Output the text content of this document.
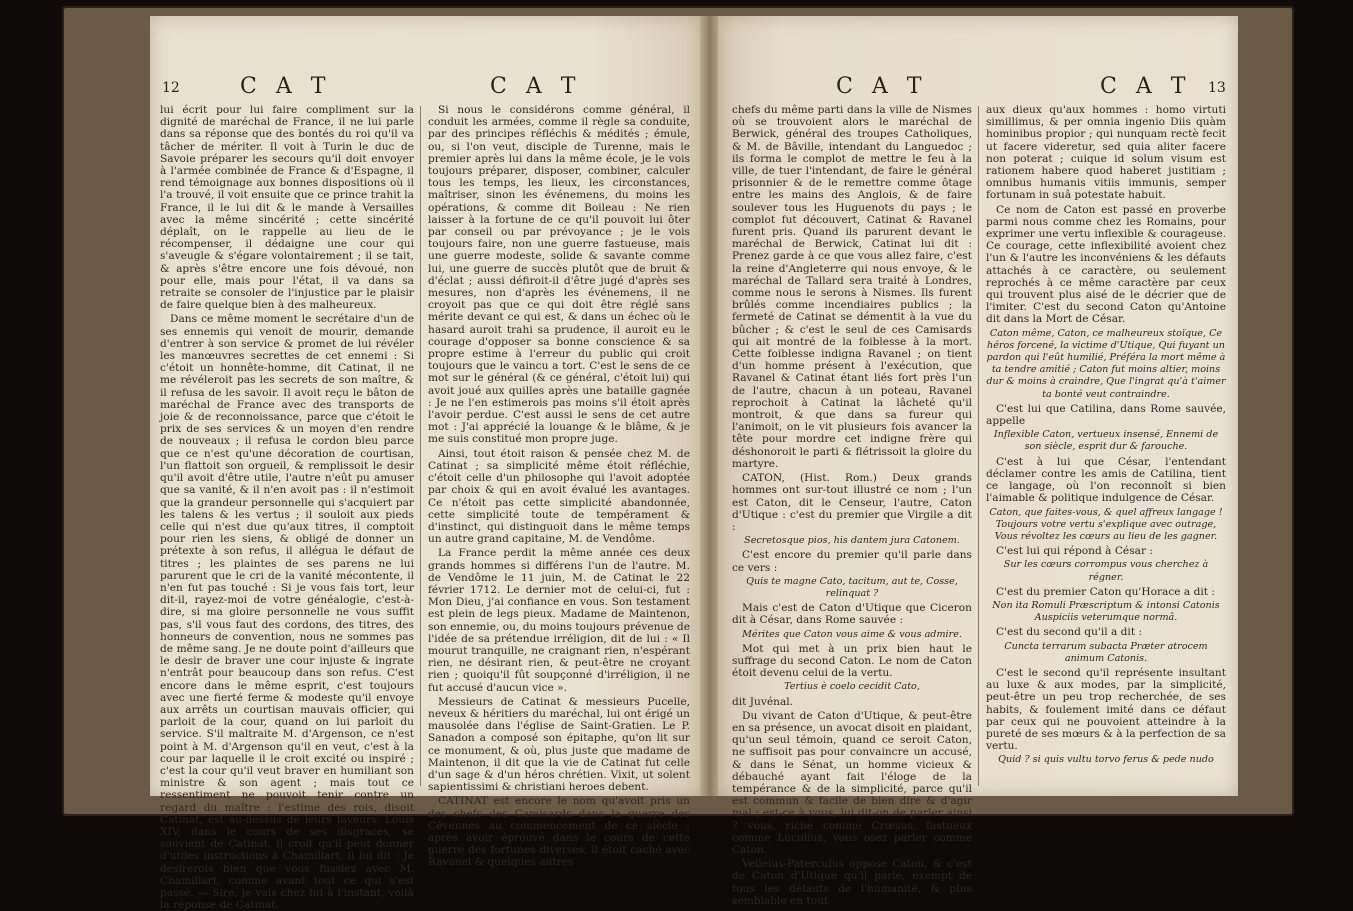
12	C A T	C A T

lui écrit pour lui faire compliment sur la dignité de maréchal de France, il ne lui parle dans sa réponse que des bontés du roi qu'il va tâcher de mériter. Il voit à Turin le duc de Savoie préparer les secours qu'il doit envoyer à l'armée combinée de France & d'Espagne, il rend témoignage aux bonnes dispositions où il l'a trouvé, il voit ensuite que ce prince trahit la France, il le lui dit & le mande à Versailles avec la même sincérité ; cette sincérité déplaît, on le rappelle au lieu de le récompenser, il dédaigne une cour qui s'aveugle & s'égare volontairement ; il se tait, & après s'être encore une fois dévoué, non pour elle, mais pour l'état, il va dans sa retraite se consoler de l'injustice par le plaisir de faire quelque bien à des malheureux.

Dans ce même moment le secrétaire d'un de ses ennemis qui venoit de mourir, demande d'entrer à son service & promet de lui révéler les manœuvres secrettes de cet ennemi : Si c'étoit un honnête-homme, dit Catinat, il ne me révéleroit pas les secrets de son maître, & il refusa de les savoir. Il avoit reçu le bâton de maréchal de France avec des transports de joie & de reconnoissance, parce que c'étoit le prix de ses services & un moyen d'en rendre de nouveaux ; il refusa le cordon bleu parce que ce n'est qu'une décoration de courtisan, l'un flattoit son orgueil, & remplissoit le desir qu'il avoit d'être utile, l'autre n'eût pu amuser que sa vanité, & il n'en avoit pas : il n'estimoit que la grandeur personnelle qui s'acquiert par les talens & les vertus ; il souloit aux pieds celle qui n'est due qu'aux titres, il comptoit pour rien les siens, & obligé de donner un prétexte à son refus, il allégua le défaut de titres ; les plaintes de ses parens ne lui parurent que le cri de la vanité mécontente, il n'en fut pas touché : Si je vous fais tort, leur dit-il, rayez-moi de votre généalogie, c'est-à-dire, si ma gloire personnelle ne vous suffit pas, s'il vous faut des cordons, des titres, des honneurs de convention, nous ne sommes pas de même sang. Je ne doute point d'ailleurs que le desir de braver une cour injuste & ingrate n'entrât pour beaucoup dans son refus. C'est encore dans le même esprit, c'est toujours avec une fierté ferme & modeste qu'il envoye aux arrêts un courtisan mauvais officier, qui parloit de la cour, quand on lui parloit du service. S'il maltraite M. d'Argenson, ce n'est point à M. d'Argenson qu'il en veut, c'est à la cour par laquelle il le croit excité ou inspiré ; c'est la cour qu'il veut braver en humiliant son ministre & son agent ; mais tout ce ressentiment ne pouvoit tenir contre un regard du maître : l'estime des rois, disoit Catinat, est au-dessus de leurs faveurs. Louis XIV, dans le cours de ses disgraces, se souvient de Catinat, il croit qu'il peut donner d'utiles instructions à Chamillart, il lui dit : Je desirerois bien que vous fussiez avec M. Chamillart, comme avant tout ce qui s'est passé. — Sire, je vais chez lui à l'instant, voilà la réponse de Catinat.

Si nous le considérons comme général, il conduit les armées, comme il règle sa conduite, par des principes réfléchis & médités ; émule, ou, si l'on veut, disciple de Turenne, mais le premier après lui dans la même école, je le vois toujours préparer, disposer, combiner, calculer tous les temps, les lieux, les circonstances, maîtriser, sinon les événemens, du moins les opérations, & comme dit Boileau : Ne rien laisser à la fortune de ce qu'il pouvoit lui ôter par conseil ou par prévoyance ; je le vois toujours faire, non une guerre fastueuse, mais une guerre modeste, solide & savante comme lui, une guerre de succès plutôt que de bruit & d'éclat ; aussi défiroit-il d'être jugé d'après ses mesures, non d'après les événemens, il ne croyoit pas que ce qui doit être réglé sans mérite devant ce qui est, & dans un échec où le hasard auroit trahi sa prudence, il auroit eu le courage d'opposer sa bonne conscience & sa propre estime à l'erreur du public qui croit toujours que le vaincu a tort. C'est le sens de ce mot sur le général (& ce général, c'étoit lui) qui avoit joué aux quilles après une bataille gagnée : Je ne l'en estimerois pas moins s'il étoit après l'avoir perdue. C'est aussi le sens de cet autre mot : J'ai apprécié la louange & le blâme, & je me suis constitué mon propre juge.

Ainsi, tout étoit raison & pensée chez M. de Catinat ; sa simplicité même étoit réfléchie, c'étoit celle d'un philosophe qui l'avoit adoptée par choix & qui en avoit évalué les avantages. Ce n'étoit pas cette simplicité abandonnée, cette simplicité toute de tempérament & d'instinct, qui distinguoit dans le même temps un autre grand capitaine, M. de Vendôme.

La France perdit la même année ces deux grands hommes si différens l'un de l'autre. M. de Vendôme le 11 juin, M. de Catinat le 22 février 1712. Le dernier mot de celui-ci, fut : Mon Dieu, j'ai confiance en vous. Son testament est plein de legs pieux. Madame de Maintenon, son ennemie, ou, du moins toujours prévenue de l'idée de sa prétendue irréligion, dit de lui : « Il mourut tranquille, ne craignant rien, n'espérant rien, ne désirant rien, & peut-être ne croyant rien ; quoiqu'il fût soupçonné d'irréligion, il ne fut accusé d'aucun vice ».

Messieurs de Catinat & messieurs Pucelle, neveux & héritiers du maréchal, lui ont érigé un mausolée dans l'église de Saint-Gratien. Le P. Sanadon a composé son épitaphe, qu'on lit sur ce monument, & où, plus juste que madame de Maintenon, il dit que la vie de Catinat fut celle d'un sage & d'un héros chrétien. Vixit, ut solent sapientissimi & christiani heroes debent.

CATINAT est encore le nom qu'avoit pris un des chefs des Camisards dans la guerre des Cévennes au commencement de ce siècle ; après avoir éprouvé dans le cours de cette guerre des fortunes diverses, il étoit caché avec Ravanel & quelques autres

C A T	C A T 13

chefs du même parti dans la ville de Nismes où se trouvoient alors le maréchal de Berwick, général des troupes Catholiques, & M. de Bâville, intendant du Languedoc ; ils forma le complot de mettre le feu à la ville, de tuer l'intendant, de faire le général prisonnier & de le remettre comme ôtage entre les mains des Anglois, & de faire soulever tous les Huguenots du pays ; le complot fut découvert, Catinat & Ravanel furent pris. Quand ils parurent devant le maréchal de Berwick, Catinat lui dit : Prenez garde à ce que vous allez faire, c'est la reine d'Angleterre qui nous envoye, & le maréchal de Tallard sera traité à Londres, comme nous le serons à Nismes. Ils furent brûlés comme incendiaires publics ; la fermeté de Catinat se démentit à la vue du bûcher ; & c'est le seul de ces Camisards qui ait montré de la foiblesse à la mort. Cette foiblesse indigna Ravanel ; on tient d'un homme présent à l'exécution, que Ravanel & Catinat étant liés fort près l'un de l'autre, chacun à un poteau, Ravanel reprochoit à Catinat la lâcheté qu'il montroit, & que dans sa fureur qui l'animoit, on le vit plusieurs fois avancer la tête pour mordre cet indigne frère qui déshonoroit le parti & flétrissoit la gloire du martyre.

CATON, (Hist. Rom.) Deux grands hommes ont sur-tout illustré ce nom ; l'un est Caton, dit le Censeur, l'autre, Caton d'Utique : c'est du premier que Virgile a dit :

Secretosque pios, his dantem jura Catonem.

C'est encore du premier qu'il parle dans ce vers :

Quis te magne Cato, tacitum, aut te, Cosse, relinquat ?

Mais c'est de Caton d'Utique que Ciceron dit à César, dans Rome sauvée :

Mérites que Caton vous aime & vous admire.

Mot qui met à un prix bien haut le suffrage du second Caton. Le nom de Caton étoit devenu celui de la vertu.

Tertius è coelo cecidit Cato,

dit Juvénal.

Du vivant de Caton d'Utique, & peut-être en sa présence, un avocat disoit en plaidant, qu'un seul témoin, quand ce seroit Caton, ne suffisoit pas pour convaincre un accusé, & dans le Sénat, un homme vicieux & débauché ayant fait l'éloge de la tempérance & de la simplicité, parce qu'il est commun & facile de bien dire & d'agir mal ; est-ce à vous, lui dit-on de parler ainsi ? vous, riche comme Crœsus, fastueux comme Lucullus, vous osez parler comme Caton.

Velleius-Paterculus oppose Caton, & c'est de Caton d'Utique qu'il parle, exempt de tous les défauts de l'humanité, & plus semblable en tout

aux dieux qu'aux hommes : homo virtuti simillimus, & per omnia ingenio Diis quàm hominibus propior ; qui nunquam rectè fecit ut facere videretur, sed quia aliter facere non poterat ; cuique id solum visum est rationem habere quod haberet justitiam ; omnibus humanis vitiis immunis, semper fortunam in suâ potestate habuit.

Ce nom de Caton est passé en proverbe parmi nous comme chez les Romains, pour exprimer une vertu inflexible & courageuse. Ce courage, cette inflexibilité avoient chez l'un & l'autre les inconvéniens & les défauts attachés à ce caractère, ou seulement reprochés à ce même caractère par ceux qui trouvent plus aisé de le décrier que de l'imiter. C'est du second Caton qu'Antoine dit dans la Mort de César.

Caton même, Caton, ce malheureux stoïque, Ce héros forcené, la victime d'Utique, Qui fuyant un pardon qui l'eût humilié, Préféra la mort même à ta tendre amitié ; Caton fut moins altier, moins dur & moins à craindre, Que l'ingrat qu'à t'aimer ta bonté veut contraindre.

C'est lui que Catilina, dans Rome sauvée, appelle

Inflexible Caton, vertueux insensé, Ennemi de son siècle, esprit dur & farouche.

C'est à lui que César, l'entendant déclamer contre les amis de Catilina, tient ce langage, où l'on reconnoît si bien l'aimable & politique indulgence de César.

Caton, que faites-vous, & quel affreux langage ! Toujours votre vertu s'explique avec outrage, Vous révoltez les cœurs au lieu de les gagner.

C'est lui qui répond à César :

Sur les cœurs corrompus vous cherchez à régner.

C'est du premier Caton qu'Horace a dit :

Non ita Romuli Præscriptum & intonsi Catonis Auspiciis veterumque normâ.

C'est du second qu'il a dit :

Cuncta terrarum subacta Præter atrocem animum Catonis.

C'est le second qu'il représente insultant au luxe & aux modes, par la simplicité, peut-être un peu trop recherchée, de ses habits, & foulement imité dans ce défaut par ceux qui ne pouvoient atteindre à la pureté de ses mœurs & à la perfection de sa vertu.

Quid ? si quis vultu torvo ferus & pede nudo
